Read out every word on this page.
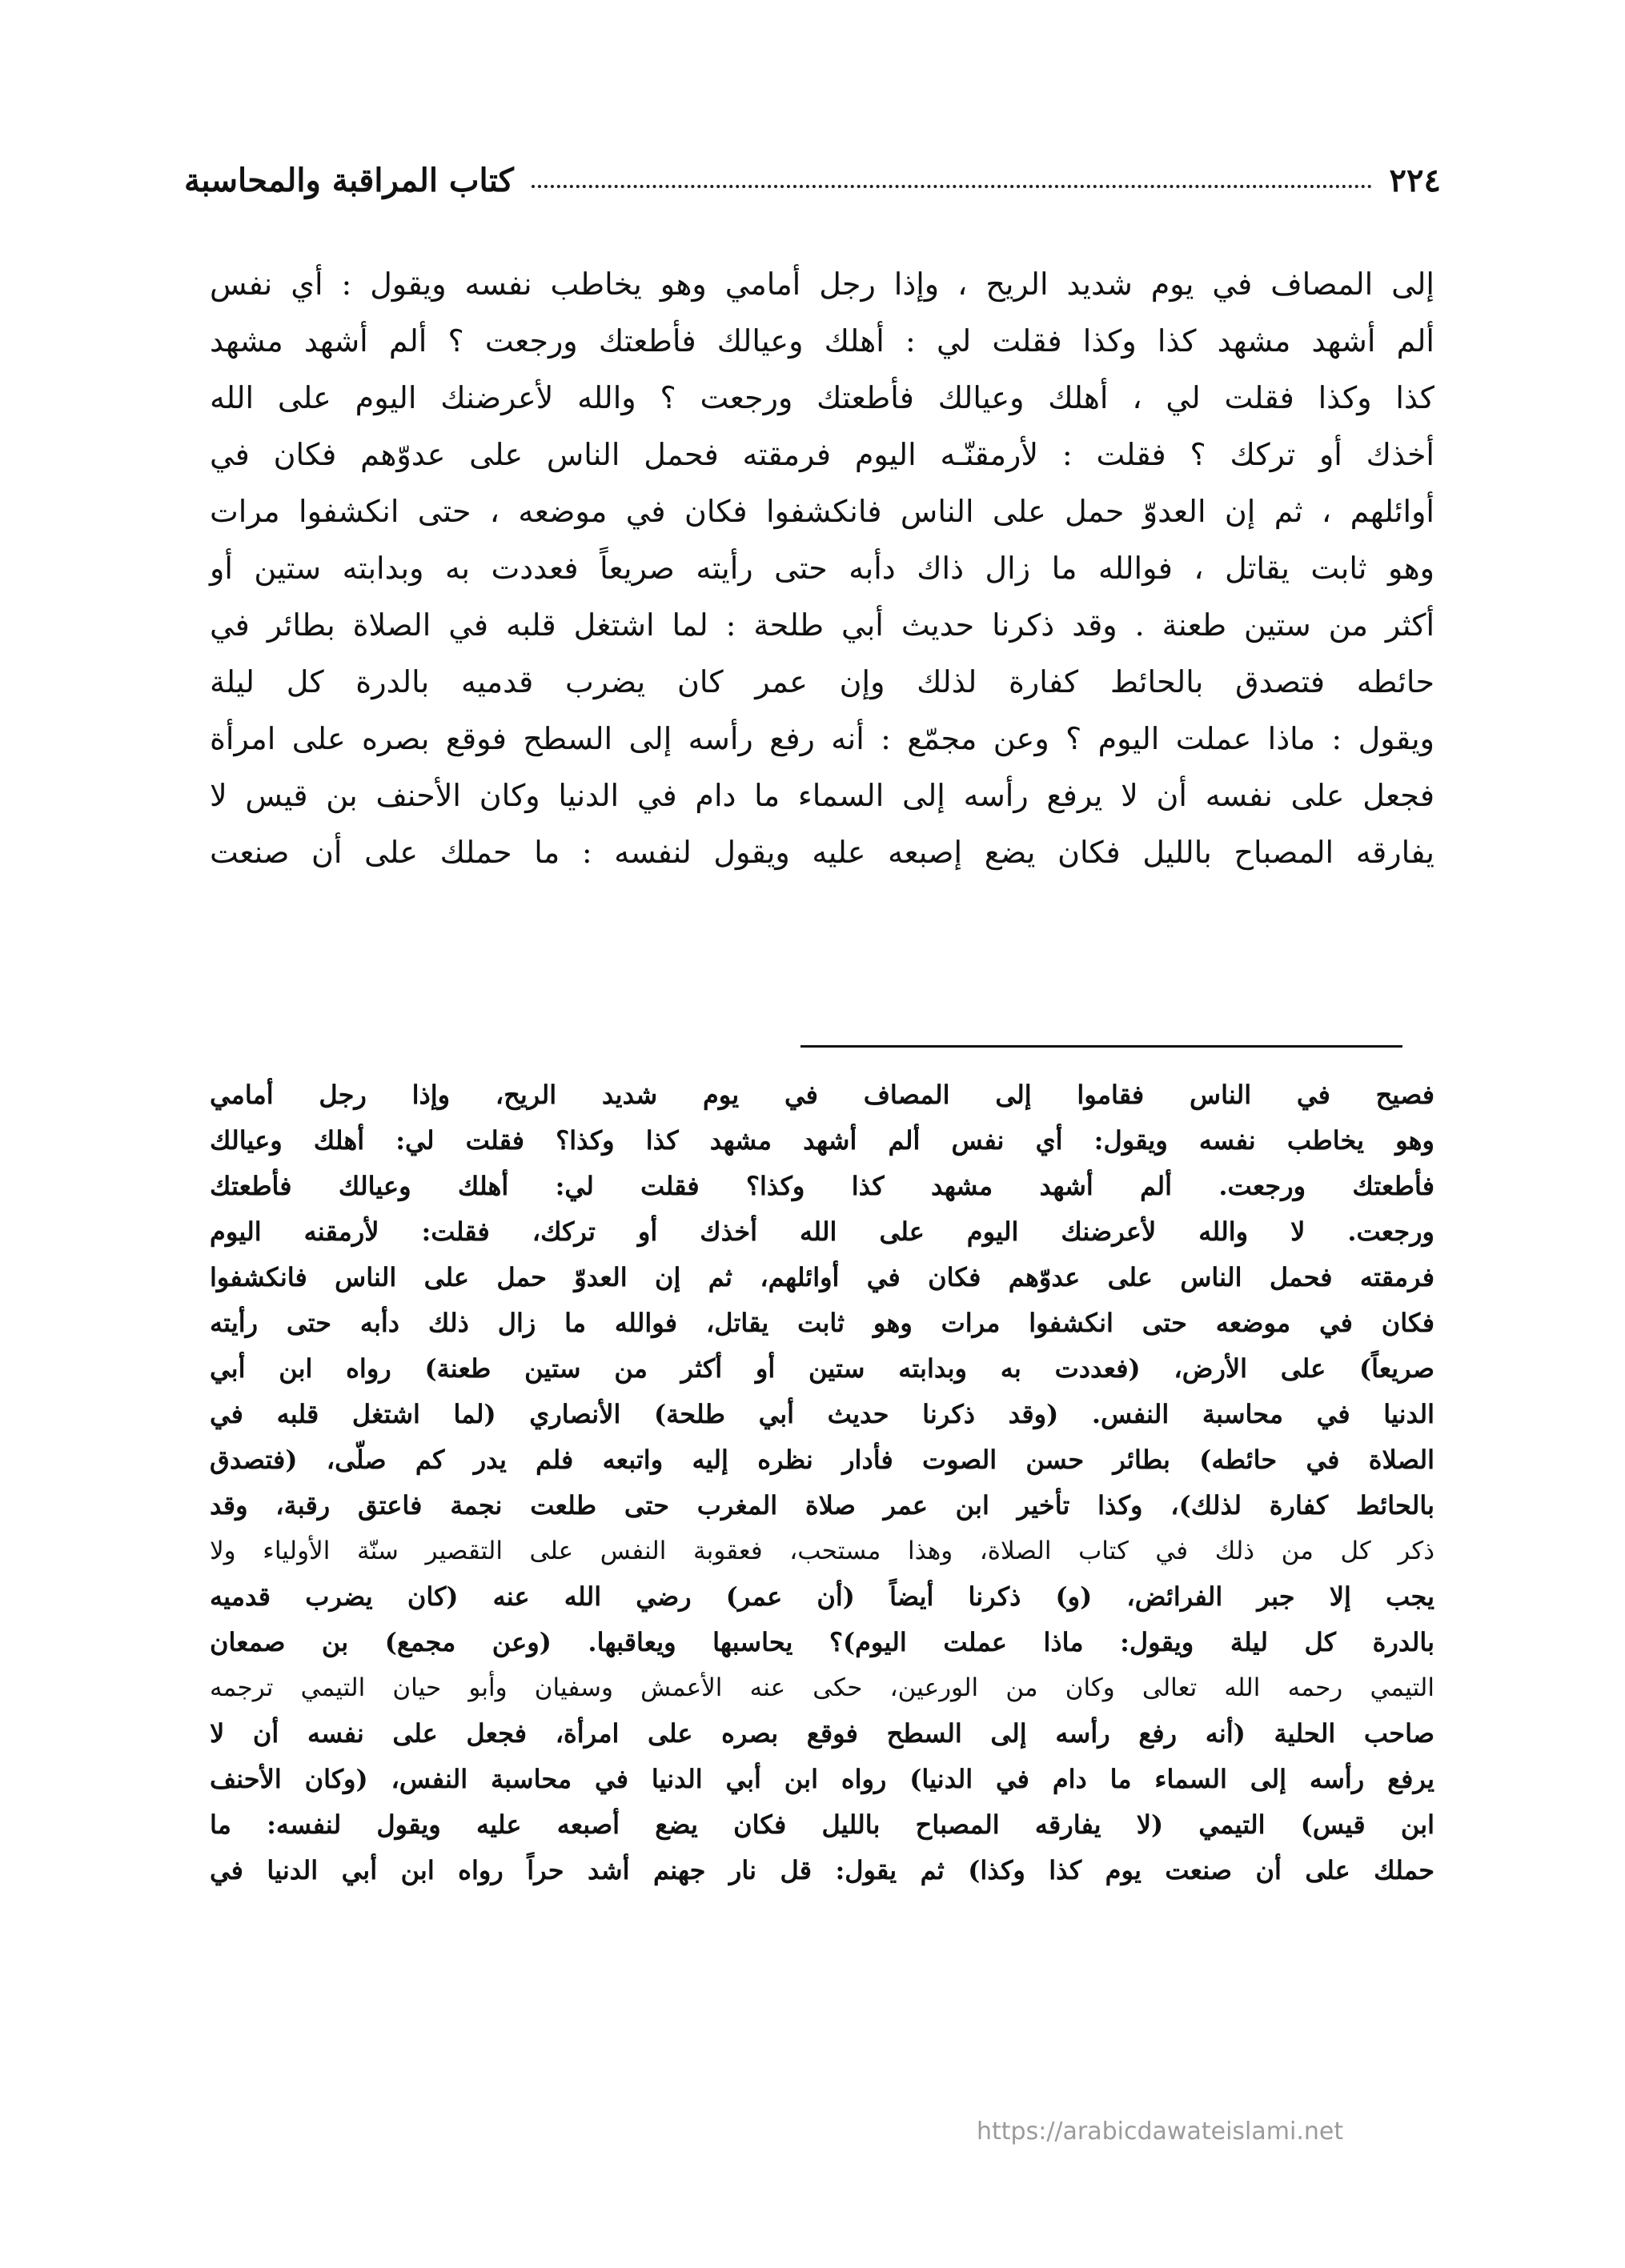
٢٢٤
كتاب المراقبة والمحاسبة
إلى المصاف في يوم شديد الريح ، وإذا رجل أمامي وهو يخاطب نفسه ويقول : أي نفس
ألم أشهد مشهد كذا وكذا فقلت لي : أهلك وعيالك فأطعتك ورجعت ؟ ألم أشهد مشهد
كذا وكذا فقلت لي ، أهلك وعيالك فأطعتك ورجعت ؟ والله لأعرضنك اليوم على الله
أخذك أو تركك ؟ فقلت : لأرمقنّـه اليوم فرمقته فحمل الناس على عدوّهم فكان في
أوائلهم ، ثم إن العدوّ حمل على الناس فانكشفوا فكان في موضعه ، حتى انكشفوا مرات
وهو ثابت يقاتل ، فوالله ما زال ذاك دأبه حتى رأيته صريعاً فعددت به وبدابته ستين أو
أكثر من ستين طعنة . وقد ذكرنا حديث أبي طلحة : لما اشتغل قلبه في الصلاة بطائر في
حائطه فتصدق بالحائط كفارة لذلك وإن عمر كان يضرب قدميه بالدرة كل ليلة
ويقول : ماذا عملت اليوم ؟ وعن مجمّع : أنه رفع رأسه إلى السطح فوقع بصره على امرأة
فجعل على نفسه أن لا يرفع رأسه إلى السماء ما دام في الدنيا وكان الأحنف بن قيس لا
يفارقه المصباح بالليل فكان يضع إصبعه عليه ويقول لنفسه : ما حملك على أن صنعت
فصيح في الناس فقاموا إلى المصاف في يوم شديد الريح، وإذا رجل أمامي
وهو يخاطب نفسه ويقول: أي نفس ألم أشهد مشهد كذا وكذا؟ فقلت لي: أهلك وعيالك
فأطعتك ورجعت. ألم أشهد مشهد كذا وكذا؟ فقلت لي: أهلك وعيالك فأطعتك
ورجعت. لا والله لأعرضنك اليوم على الله أخذك أو تركك، فقلت: لأرمقنه اليوم
فرمقته فحمل الناس على عدوّهم فكان في أوائلهم، ثم إن العدوّ حمل على الناس فانكشفوا
فكان في موضعه حتى انكشفوا مرات وهو ثابت يقاتل، فوالله ما زال ذلك دأبه حتى رأيته
صريعاً) على الأرض، (فعددت به وبدابته ستين أو أكثر من ستين طعنة) رواه ابن أبي
الدنيا في محاسبة النفس. (وقد ذكرنا حديث أبي طلحة) الأنصاري (لما اشتغل قلبه في
الصلاة في حائطه) بطائر حسن الصوت فأدار نظره إليه واتبعه فلم يدر كم صلّى، (فتصدق
بالحائط كفارة لذلك)، وكذا تأخير ابن عمر صلاة المغرب حتى طلعت نجمة فاعتق رقبة، وقد
ذكر كل من ذلك في كتاب الصلاة، وهذا مستحب، فعقوبة النفس على التقصير سنّة الأولياء ولا
يجب إلا جبر الفرائض، (و) ذكرنا أيضاً (أن عمر) رضي الله عنه (كان يضرب قدميه
بالدرة كل ليلة ويقول: ماذا عملت اليوم)؟ يحاسبها ويعاقبها. (وعن مجمع) بن صمعان
التيمي رحمه الله تعالى وكان من الورعين، حكى عنه الأعمش وسفيان وأبو حيان التيمي ترجمه
صاحب الحلية (أنه رفع رأسه إلى السطح فوقع بصره على امرأة، فجعل على نفسه أن لا
يرفع رأسه إلى السماء ما دام في الدنيا) رواه ابن أبي الدنيا في محاسبة النفس، (وكان الأحنف
ابن قيس) التيمي (لا يفارقه المصباح بالليل فكان يضع أصبعه عليه ويقول لنفسه: ما
حملك على أن صنعت يوم كذا وكذا) ثم يقول: قل نار جهنم أشد حراً رواه ابن أبي الدنيا في
https://arabicdawateislami.net
